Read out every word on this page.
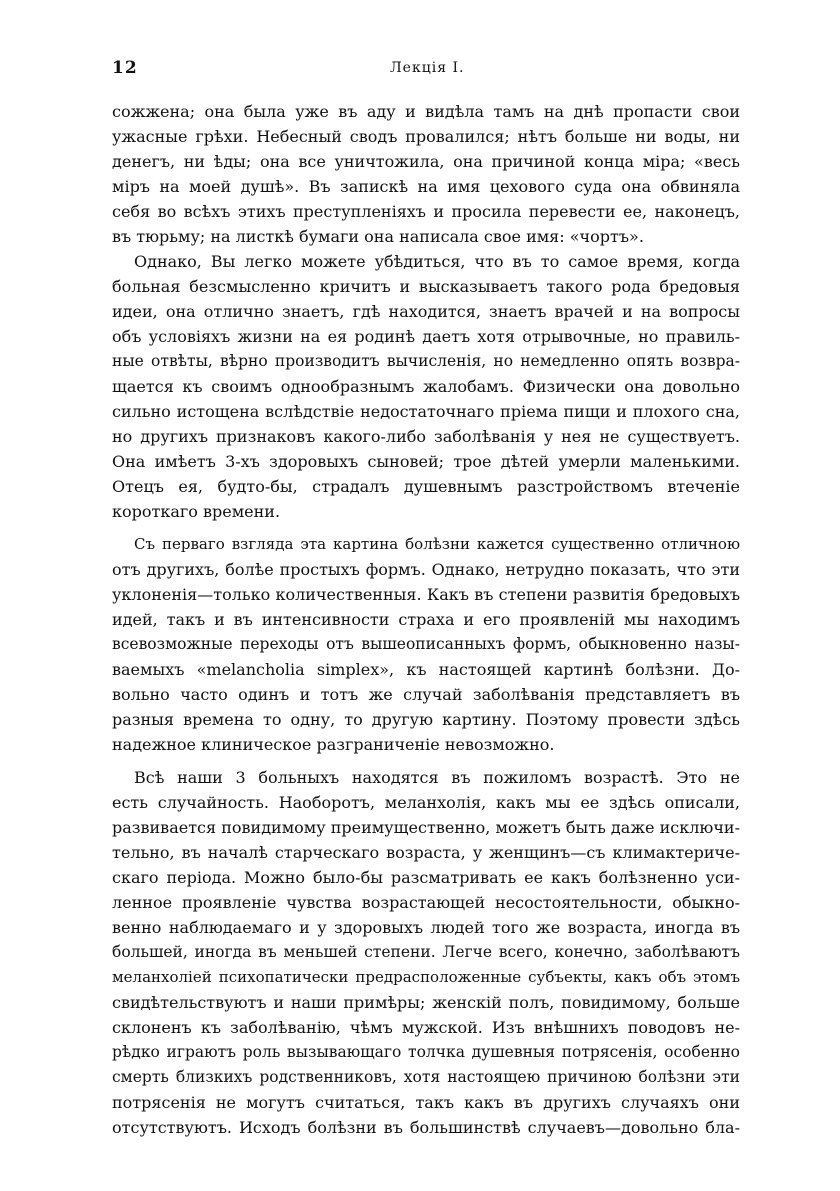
12	Лекція I.
сожжена; она была уже въ аду и видѣла тамъ на днѣ пропасти свои
ужасные грѣхи. Небесный сводъ провалился; нѣтъ больше ни воды, ни
денегъ, ни ѣды; она все уничтожила, она причиной конца міра; «весь
міръ на моей душѣ». Въ запискѣ на имя цехового суда она обвиняла
себя во всѣхъ этихъ преступленіяхъ и просила перевести ее, наконецъ,
въ тюрьму; на листкѣ бумаги она написала свое имя: «чортъ».
Однако, Вы легко можете убѣдиться, что въ то самое время, когда
больная безсмысленно кричитъ и высказываетъ такого рода бредовыя
идеи, она отлично знаетъ, гдѣ находится, знаетъ врачей и на вопросы
объ условіяхъ жизни на ея родинѣ даетъ хотя отрывочные, но правиль-
ные отвѣты, вѣрно производитъ вычисленія, но немедленно опять возвра-
щается къ своимъ однообразнымъ жалобамъ. Физически она довольно
сильно истощена вслѣдствіе недостаточнаго пріема пищи и плохого сна,
но другихъ признаковъ какого-либо заболѣванія у нея не существуетъ.
Она имѣетъ 3-хъ здоровыхъ сыновей; трое дѣтей умерли маленькими.
Отецъ ея, будто-бы, страдалъ душевнымъ разстройствомъ втеченіе
короткаго времени.
Съ перваго взгляда эта картина болѣзни кажется существенно отличною
отъ другихъ, болѣе простыхъ формъ. Однако, нетрудно показать, что эти
уклоненія—только количественныя. Какъ въ степени развитія бредовыхъ
идей, такъ и въ интенсивности страха и его проявленій мы находимъ
всевозможные переходы отъ вышеописанныхъ формъ, обыкновенно назы-
ваемыхъ «melancholia simplex», къ настоящей картинѣ болѣзни. До-
вольно часто одинъ и тотъ же случай заболѣванія представляетъ въ
разныя времена то одну, то другую картину. Поэтому провести здѣсь
надежное клиническое разграниченіе невозможно.
Всѣ наши 3 больныхъ находятся въ пожиломъ возрастѣ. Это не
есть случайность. Наоборотъ, меланхолія, какъ мы ее здѣсь описали,
развивается повидимому преимущественно, можетъ быть даже исключи-
тельно, въ началѣ старческаго возраста, у женщинъ—съ климактериче-
скаго періода. Можно было-бы разсматривать ее какъ болѣзненно уси-
ленное проявленіе чувства возрастающей несостоятельности, обыкно-
венно наблюдаемаго и у здоровыхъ людей того же возраста, иногда въ
большей, иногда въ меньшей степени. Легче всего, конечно, заболѣваютъ
меланхоліей психопатически предрасположенные субъекты, какъ объ этомъ
свидѣтельствуютъ и наши примѣры; женскій полъ, повидимому, больше
склоненъ къ заболѣванію, чѣмъ мужской. Изъ внѣшнихъ поводовъ не-
рѣдко играютъ роль вызывающаго толчка душевныя потрясенія, особенно
смерть близкихъ родственниковъ, хотя настоящею причиною болѣзни эти
потрясенія не могутъ считаться, такъ какъ въ другихъ случаяхъ они
отсутствуютъ. Исходъ болѣзни въ большинствѣ случаевъ—довольно бла-
